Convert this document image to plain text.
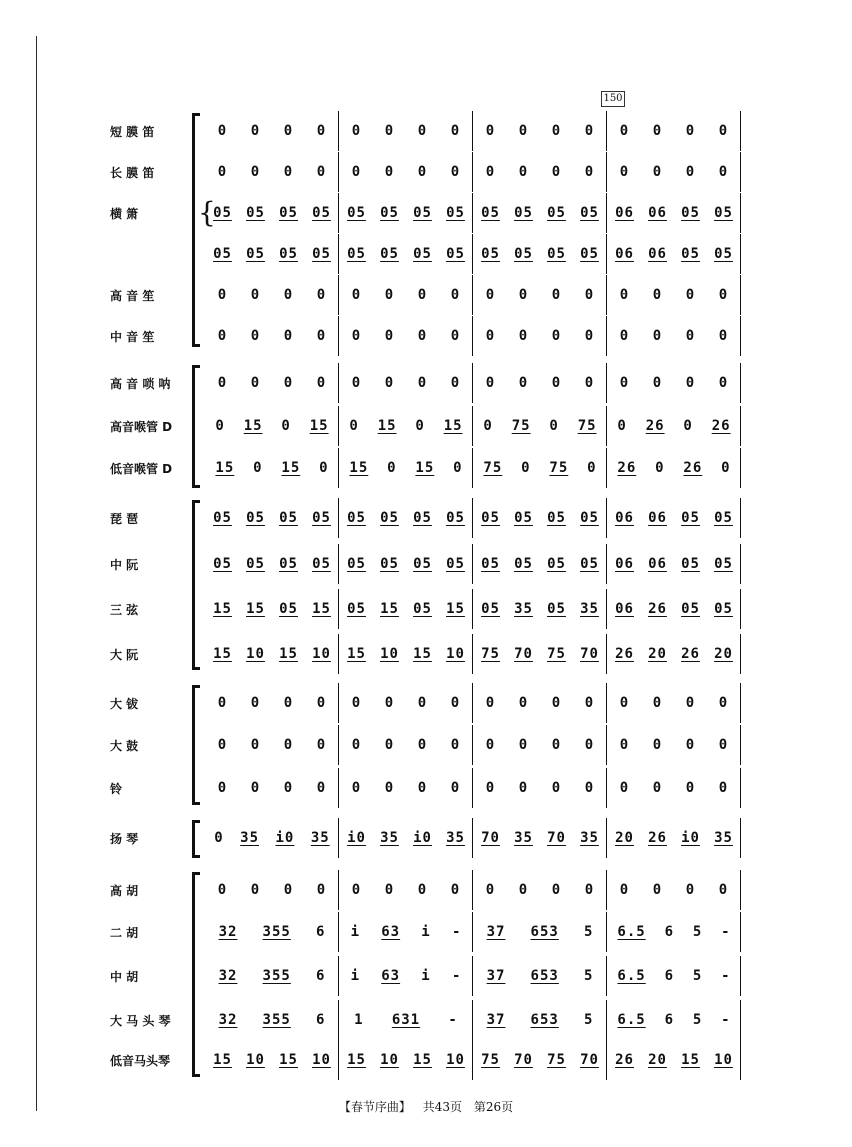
150
短 膜 笛	0 0 0 0 0 0 0 0 0 0 0 0 0 0 0 0
长 膜 笛	0 0 0 0 0 0 0 0 0 0 0 0 0 0 0 0
横 箫	05 05 05 05 05 05 05 05 05 05 05 05 06 06 05 05
05 05 05 05 05 05 05 05 05 05 05 05 06 06 05 05
高 音 笙	0 0 0 0 0 0 0 0 0 0 0 0 0 0 0 0
中 音 笙	0 0 0 0 0 0 0 0 0 0 0 0 0 0 0 0
高 音 唢 呐	0 0 0 0 0 0 0 0 0 0 0 0 0 0 0 0
高音喉管 D	0 15 0 15 0 15 0 15 0 75 0 75 0 26 0 26
低音喉管 D	15 0 15 0 15 0 15 0 75 0 75 0 26 0 26 0
琵 琶	05 05 05 05 05 05 05 05 05 05 05 05 06 06 05 05
中 阮	05 05 05 05 05 05 05 05 05 05 05 05 06 06 05 05
三 弦	15 15 05 15 05 15 05 15 05 35 05 35 06 26 05 05
大 阮	15 10 15 10 15 10 15 10 75 70 75 70 26 20 26 20
大 钹	0 0 0 0 0 0 0 0 0 0 0 0 0 0 0 0
大 鼓	0 0 0 0 0 0 0 0 0 0 0 0 0 0 0 0
铃	0 0 0 0 0 0 0 0 0 0 0 0 0 0 0 0
扬 琴	0 35 i0 35 i0 35 i0 35 70 35 70 35 20 26 i0 35
高 胡	0 0 0 0 0 0 0 0 0 0 0 0 0 0 0 0
二 胡	32 355 6 i 63 i - 37 653 5 6.5 6 5 -
中 胡	32 355 6 i 63 i - 37 653 5 6.5 6 5 -
大 马 头 琴	32 355 6 1 631 - 37 653 5 6.5 6 5 -
低音马头琴	15 10 15 10 15 10 15 10 75 70 75 70 26 20 15 10
{
【春节序曲】 共43页 第26页
